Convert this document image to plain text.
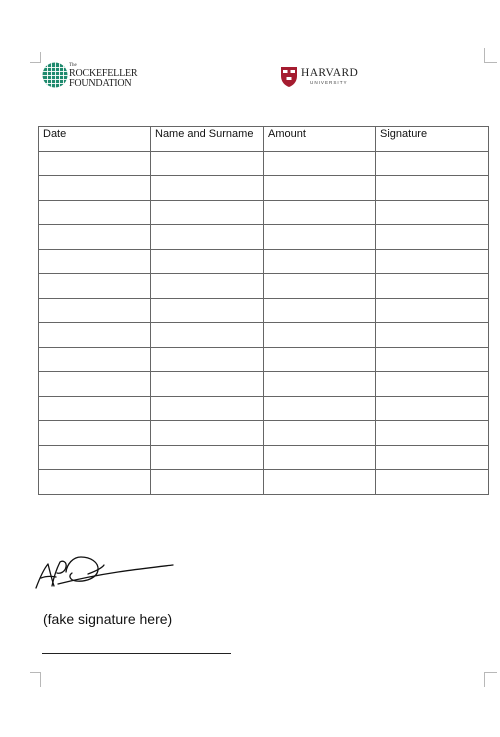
The
ROCKEFELLER
FOUNDATION
HARVARD
UNIVERSITY
Date	Name and Surname	Amount	Signature

(fake signature here)
